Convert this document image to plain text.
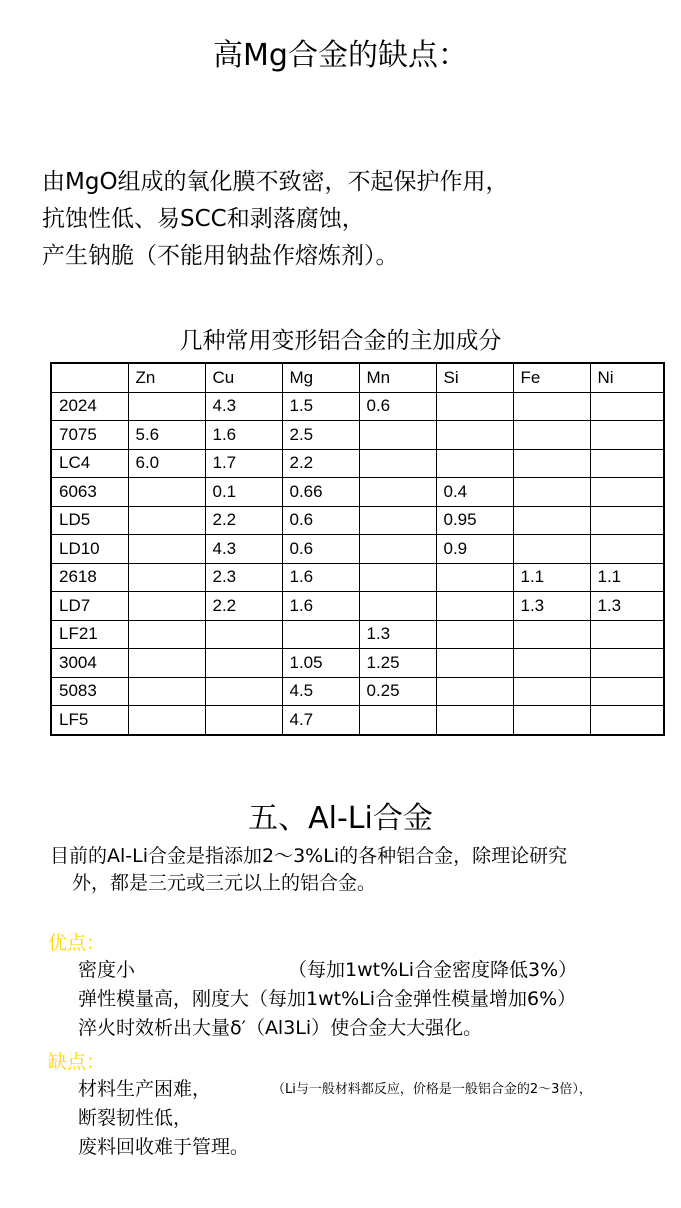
高Mg合金的缺点：
由MgO组成的氧化膜不致密，不起保护作用，
抗蚀性低、易SCC和剥落腐蚀，
产生钠脆（不能用钠盐作熔炼剂）。
几种常用变形铝合金的主加成分
	Zn	Cu	Mg	Mn	Si	Fe	Ni
2024		4.3	1.5	0.6			
7075	5.6	1.6	2.5				
LC4	6.0	1.7	2.2				
6063		0.1	0.66		0.4		
LD5		2.2	0.6		0.95		
LD10		4.3	0.6		0.9		
2618		2.3	1.6			1.1	1.1
LD7		2.2	1.6			1.3	1.3
LF21				1.3			
3004			1.05	1.25			
5083			4.5	0.25			
LF5			4.7				
五、Al-Li合金
目前的Al-Li合金是指添加2～3%Li的各种铝合金，除理论研究
外，都是三元或三元以上的铝合金。
优点：
密度小	（每加1wt%Li合金密度降低3%）
弹性模量高，刚度大 （每加1wt%Li合金弹性模量增加6%）
淬火时效析出大量δ′（Al3Li）使合金大大强化。
缺点：
材料生产困难，	（Li与一般材料都反应，价格是一般铝合金的2～3倍），
断裂韧性低，
废料回收难于管理。
